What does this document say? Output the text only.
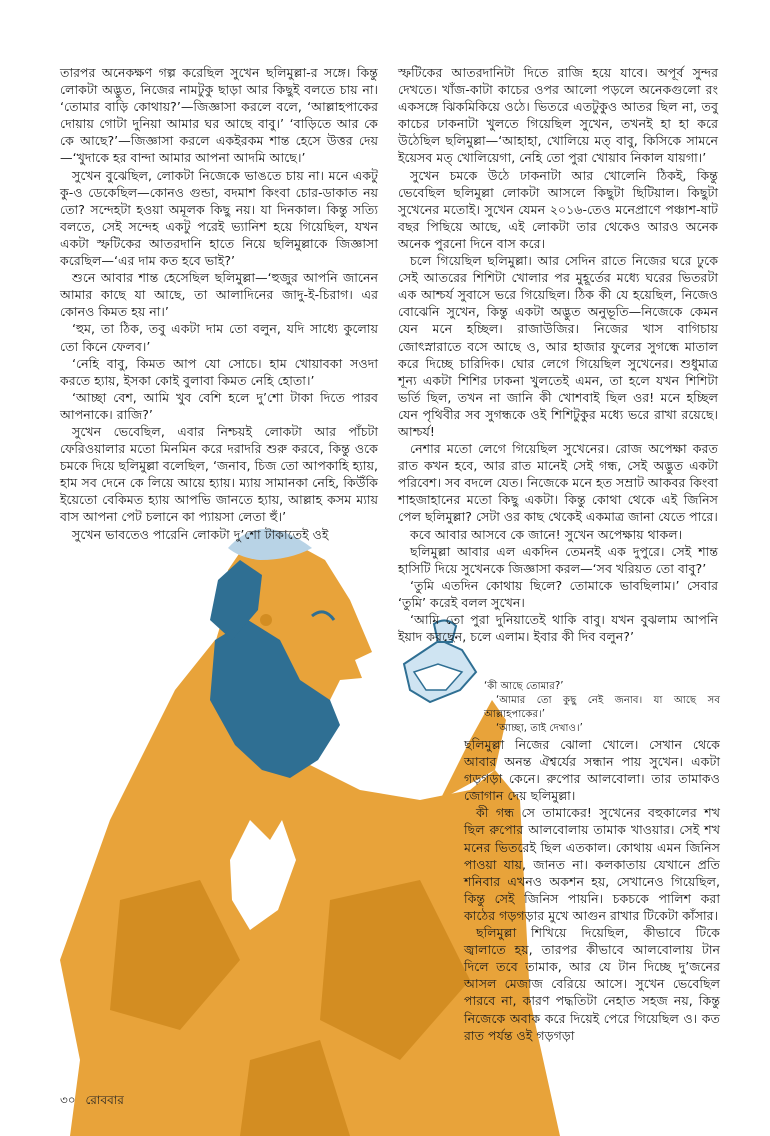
তারপর অনেকক্ষণ গল্প করেছিল সুখেন ছলিমুল্লা-র সঙ্গে। কিন্তু লোকটা অদ্ভুত, নিজের নামটুকু ছাড়া আর কিছুই বলতে চায় না। ‘তোমার বাড়ি কোথায়?’—জিজ্ঞাসা করলে বলে, ‘আল্লাহপাকের দোয়ায় গোটা দুনিয়া আমার ঘর আছে বাবু।’ ‘বাড়িতে আর কে কে আছে?’—জিজ্ঞাসা করলে একইরকম শান্ত হেসে উত্তর দেয়—‘খুদাকে হর বান্দা আমার আপনা আদমি আছে।’

সুখেন বুঝেছিল, লোকটা নিজেকে ভাঙতে চায় না। মনে একটু কু-ও ডেকেছিল—কোনও গুন্ডা, বদমাশ কিংবা চোর-ডাকাত নয় তো? সন্দেহটা হওয়া অমূলক কিছু নয়। যা দিনকাল। কিন্তু সত্যি বলতে, সেই সন্দেহ একটু পরেই ভ্যানিশ হয়ে গিয়েছিল, যখন একটা স্ফটিকের আতরদানি হাতে নিয়ে ছলিমুল্লাকে জিজ্ঞাসা করেছিল—‘এর দাম কত হবে ভাই?’

শুনে আবার শান্ত হেসেছিল ছলিমুল্লা—‘হুজুর আপনি জানেন আমার কাছে যা আছে, তা আলাদিনের জাদু-ই-চিরাগ। এর কোনও কিমত হয় না।’

‘হুম, তা ঠিক, তবু একটা দাম তো বলুন, যদি সাধ্যে কুলোয় তো কিনে ফেলব।’

‘নেহি বাবু, কিমত আপ যো সোচে। হাম খোয়াবকা সওদা করতে হ্যায়, ইসকা কোই বুলাবা কিমত নেহি হোতা।’

‘আচ্ছা বেশ, আমি খুব বেশি হলে দু’শো টাকা দিতে পারব আপনাকে। রাজি?’

সুখেন ভেবেছিল, এবার নিশ্চয়ই লোকটা আর পাঁচটা ফেরিওয়ালার মতো মিনমিন করে দরাদরি শুরু করবে, কিন্তু ওকে চমকে দিয়ে ছলিমুল্লা বলেছিল, ‘জনাব, চিজ তো আপকাহি হ্যায়, হাম সব দেনে কে লিয়ে আয়ে হ্যায়। ম্যায় সামানকা নেহি, কিউঁকি ইয়েতো বেকিমত হ্যায় আপভি জানতে হ্যায়, আল্লাহ কসম ম্যায় বাস আপনা পেট চলানে কা প্যায়সা লেতা হুঁ।’

সুখেন ভাবতেও পারেনি লোকটা দু’শো টাকাতেই ওই

স্ফটিকের আতরদানিটা দিতে রাজি হয়ে যাবে। অপূর্ব সুন্দর দেখতে। খাঁজ-কাটা কাচের ওপর আলো পড়লে অনেকগুলো রং একসঙ্গে ঝিকমিকিয়ে ওঠে। ভিতরে এতটুকুও আতর ছিল না, তবু কাচের ঢাকনাটা খুলতে গিয়েছিল সুখেন, তখনই হা হা করে উঠেছিল ছলিমুল্লা—‘আহাহা, খোলিয়ে মত্ বাবু, কিসিকে সামনে ইয়েসব মত্ খোলিয়েগা, নেহি তো পুরা খোয়াব নিকাল যায়গা।’

সুখেন চমকে উঠে ঢাকনাটা আর খোলেনি ঠিকই, কিন্তু ভেবেছিল ছলিমুল্লা লোকটা আসলে কিছুটা ছিটিয়াল। কিছুটা সুখেনের মতোই। সুখেন যেমন ২০১৬-তেও মনেপ্রাণে পঞ্চাশ-ষাট বছর পিছিয়ে আছে, এই লোকটা তার থেকেও আরও অনেক অনেক পুরনো দিনে বাস করে।

চলে গিয়েছিল ছলিমুল্লা। আর সেদিন রাতে নিজের ঘরে ঢুকে সেই আতরের শিশিটা খোলার পর মুহূর্তের মধ্যে ঘরের ভিতরটা এক আশ্চর্য সুবাসে ভরে গিয়েছিল। ঠিক কী যে হয়েছিল, নিজেও বোঝেনি সুখেন, কিন্তু একটা অদ্ভুত অনুভূতি—নিজেকে কেমন যেন মনে হচ্ছিল। রাজাউজির। নিজের খাস বাগিচায় জোৎস্নারাতে বসে আছে ও, আর হাজার ফুলের সুগন্ধে মাতাল করে দিচ্ছে চারিদিক। ঘোর লেগে গিয়েছিল সুখেনের। শুধুমাত্র শূন্য একটা শিশির ঢাকনা খুলতেই এমন, তা হলে যখন শিশিটা ভর্তি ছিল, তখন না জানি কী খোশবাই ছিল ওর! মনে হচ্ছিল যেন পৃথিবীর সব সুগন্ধকে ওই শিশিটুকুর মধ্যে ভরে রাখা রয়েছে। আশ্চর্য!

নেশার মতো লেগে গিয়েছিল সুখেনের। রোজ অপেক্ষা করত রাত কখন হবে, আর রাত মানেই সেই গন্ধ, সেই অদ্ভুত একটা পরিবেশ। সব বদলে যেত। নিজেকে মনে হত সম্রাট আকবর কিংবা শাহজাহানের মতো কিছু একটা। কিন্তু কোথা থেকে এই জিনিস পেল ছলিমুল্লা? সেটা ওর কাছ থেকেই একমাত্র জানা যেতে পারে।

কবে আবার আসবে কে জানে! সুখেন অপেক্ষায় থাকল।

ছলিমুল্লা আবার এল একদিন তেমনই এক দুপুরে। সেই শান্ত হাসিটি দিয়ে সুখেনকে জিজ্ঞাসা করল—‘সব খরিয়ত তো বাবু?’

‘তুমি এতদিন কোথায় ছিলে? তোমাকে ভাবছিলাম।’ সেবার ‘তুমি’ করেই বলল সুখেন।

‘আমি তো পুরা দুনিয়াতেই থাকি বাবু। যখন বুঝলাম আপনি ইয়াদ করছেন, চলে এলাম। ইবার কী দিব বলুন?’

‘কী আছে তোমার?’

‘আমার তো কুছু নেই জনাব। যা আছে সব আল্লাহপাকের।’

‘আচ্ছা, তাই দেখাও।’

ছলিমুল্লা নিজের ঝোলা খোলে। সেখান থেকে আবার অনন্ত ঐশ্বর্যের সন্ধান পায় সুখেন। একটা গড়গড়া কেনে। রুপোর আলবোলা। তার তামাকও জোগান দেয় ছলিমুল্লা।

কী গন্ধ সে তামাকের! সুখেনের বহুকালের শখ ছিল রুপোর আলবোলায় তামাক খাওয়ার। সেই শখ মনের ভিতরেই ছিল এতকাল। কোথায় এমন জিনিস পাওয়া যায়, জানত না। কলকাতায় যেখানে প্রতি শনিবার এখনও অকশন হয়, সেখানেও গিয়েছিল, কিন্তু সেই জিনিস পায়নি। চকচকে পালিশ করা কাঠের গড়গড়ার মুখে আগুন রাখার টিকেটা কাঁসার।

ছলিমুল্লা শিখিয়ে দিয়েছিল, কীভাবে টিকে জ্বালাতে হয়, তারপর কীভাবে আলবোলায় টান দিলে তবে তামাক, আর যে টান দিচ্ছে দু’জনের আসল মেজাজ বেরিয়ে আসে। সুখেন ভেবেছিল পারবে না, কারণ পদ্ধতিটা নেহাত সহজ নয়, কিন্তু নিজেকে অবাক করে দিয়েই পেরে গিয়েছিল ও। কত রাত পর্যন্ত ওই গড়গড়া

৩০ রোববার
